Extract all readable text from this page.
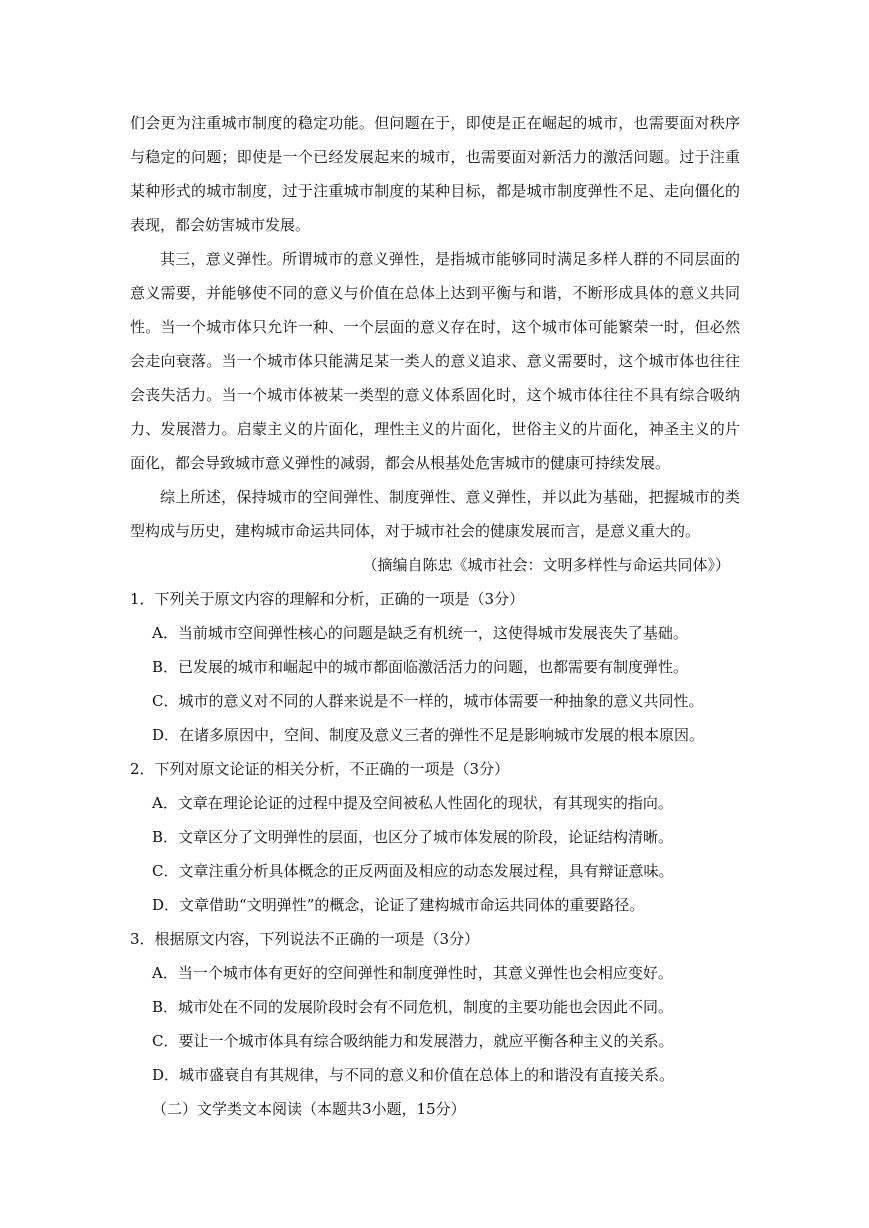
们会更为注重城市制度的稳定功能。但问题在于，即使是正在崛起的城市，也需要面对秩序与稳定的问题；即使是一个已经发展起来的城市，也需要面对新活力的激活问题。过于注重某种形式的城市制度，过于注重城市制度的某种目标，都是城市制度弹性不足、走向僵化的表现，都会妨害城市发展。

其三，意义弹性。所谓城市的意义弹性，是指城市能够同时满足多样人群的不同层面的意义需要，并能够使不同的意义与价值在总体上达到平衡与和谐，不断形成具体的意义共同性。当一个城市体只允许一种、一个层面的意义存在时，这个城市体可能繁荣一时，但必然会走向衰落。当一个城市体只能满足某一类人的意义追求、意义需要时，这个城市体也往往会丧失活力。当一个城市体被某一类型的意义体系固化时，这个城市体往往不具有综合吸纳力、发展潜力。启蒙主义的片面化，理性主义的片面化，世俗主义的片面化，神圣主义的片面化，都会导致城市意义弹性的减弱，都会从根基处危害城市的健康可持续发展。

综上所述，保持城市的空间弹性、制度弹性、意义弹性，并以此为基础，把握城市的类型构成与历史，建构城市命运共同体，对于城市社会的健康发展而言，是意义重大的。

（摘编自陈忠《城市社会：文明多样性与命运共同体》）

1．下列关于原文内容的理解和分析，正确的一项是（3分）

A．当前城市空间弹性核心的问题是缺乏有机统一，这使得城市发展丧失了基础。

B．已发展的城市和崛起中的城市都面临激活活力的问题，也都需要有制度弹性。

C．城市的意义对不同的人群来说是不一样的，城市体需要一种抽象的意义共同性。

D．在诸多原因中，空间、制度及意义三者的弹性不足是影响城市发展的根本原因。

2．下列对原文论证的相关分析，不正确的一项是（3分）

A．文章在理论论证的过程中提及空间被私人性固化的现状，有其现实的指向。

B．文章区分了文明弹性的层面，也区分了城市体发展的阶段，论证结构清晰。

C．文章注重分析具体概念的正反两面及相应的动态发展过程，具有辩证意味。

D．文章借助“文明弹性”的概念，论证了建构城市命运共同体的重要路径。

3．根据原文内容，下列说法不正确的一项是（3分）

A．当一个城市体有更好的空间弹性和制度弹性时，其意义弹性也会相应变好。

B．城市处在不同的发展阶段时会有不同危机，制度的主要功能也会因此不同。

C．要让一个城市体具有综合吸纳能力和发展潜力，就应平衡各种主义的关系。

D．城市盛衰自有其规律，与不同的意义和价值在总体上的和谐没有直接关系。

（二）文学类文本阅读（本题共3小题，15分）
